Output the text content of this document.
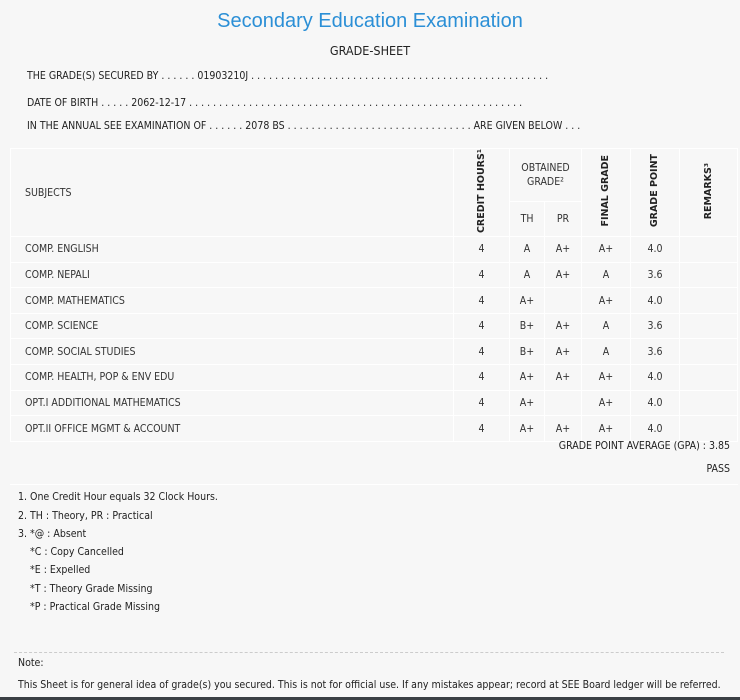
Secondary Education Examination
GRADE-SHEET
THE GRADE(S) SECURED BY . . . . . . 01903210J . . . . . . . . . . . . . . . . . . . . . . . . . . . . . . . . . . . . . . . . . . . . . . . . . .
DATE OF BIRTH . . . . . 2062-12-17 . . . . . . . . . . . . . . . . . . . . . . . . . . . . . . . . . . . . . . . . . . . . . . . . . . . . . . . .
IN THE ANNUAL SEE EXAMINATION OF . . . . . . 2078 BS . . . . . . . . . . . . . . . . . . . . . . . . . . . . . . . ARE GIVEN BELOW . . .
SUBJECTS	CREDIT HOURS¹	OBTAINED GRADE²		FINAL GRADE	GRADE POINT	REMARKS³
		TH	PR			
COMP. ENGLISH	4	A	A+	A+	4.0	
COMP. NEPALI	4	A	A+	A	3.6	
COMP. MATHEMATICS	4	A+		A+	4.0	
COMP. SCIENCE	4	B+	A+	A	3.6	
COMP. SOCIAL STUDIES	4	B+	A+	A	3.6	
COMP. HEALTH, POP & ENV EDU	4	A+	A+	A+	4.0	
OPT.I ADDITIONAL MATHEMATICS	4	A+		A+	4.0	
OPT.II OFFICE MGMT & ACCOUNT	4	A+	A+	A+	4.0	
GRADE POINT AVERAGE (GPA) : 3.85
PASS
1. One Credit Hour equals 32 Clock Hours.
2. TH : Theory, PR : Practical
3. *@ : Absent
*C : Copy Cancelled
*E : Expelled
*T : Theory Grade Missing
*P : Practical Grade Missing
Note:
This Sheet is for general idea of grade(s) you secured. This is not for official use. If any mistakes appear; record at SEE Board ledger will be referred.
